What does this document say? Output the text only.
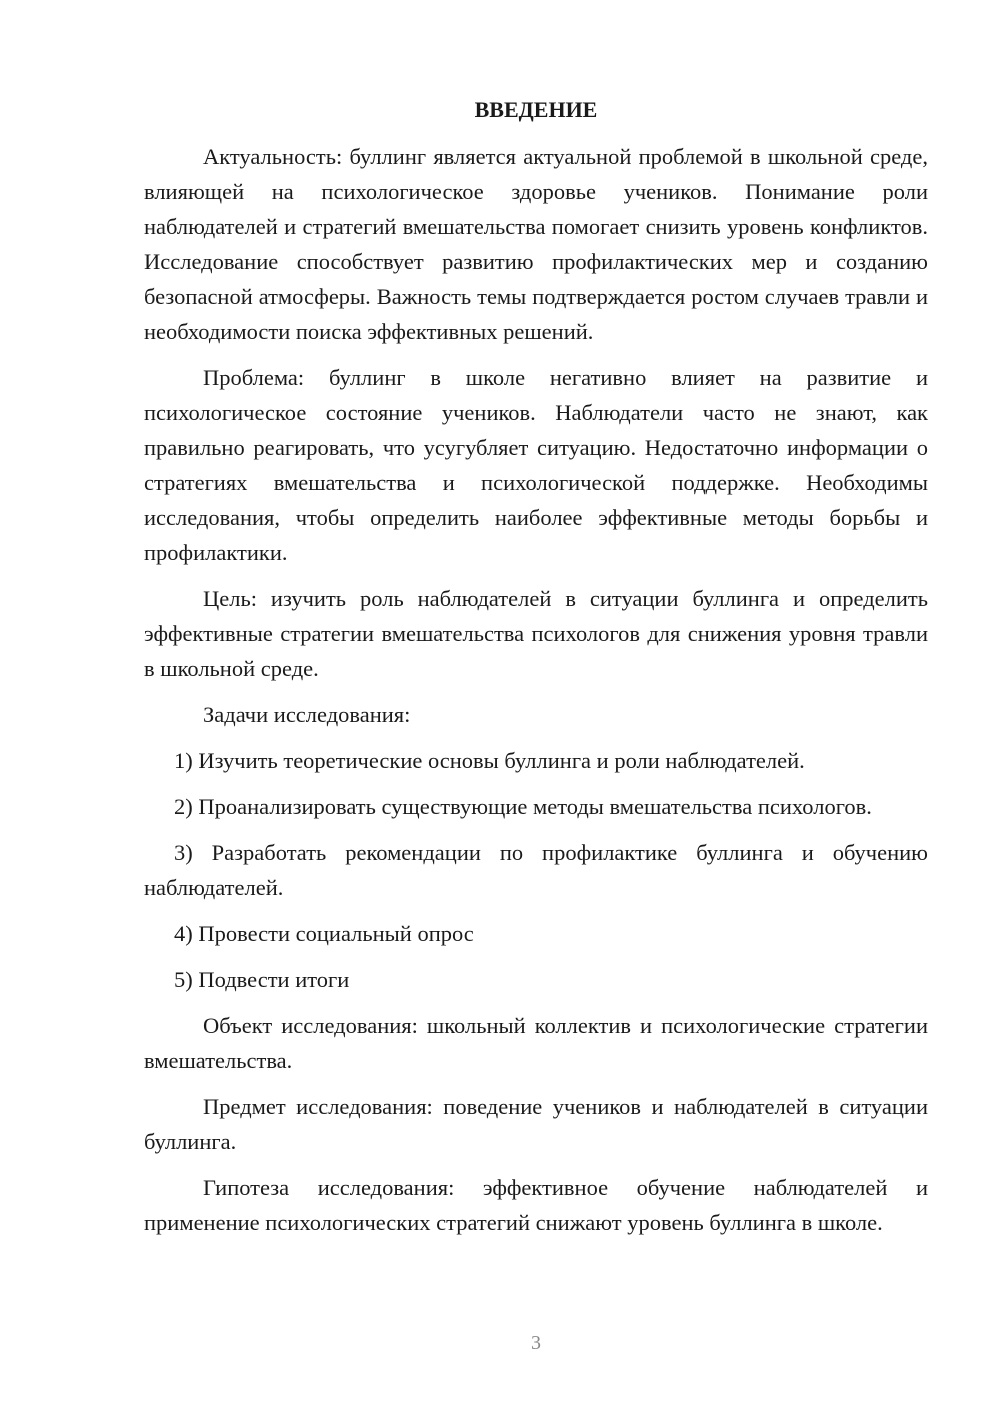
ВВЕДЕНИЕ

Актуальность: буллинг является актуальной проблемой в школьной среде, влияющей на психологическое здоровье учеников. Понимание роли наблюдателей и стратегий вмешательства помогает снизить уровень конфликтов. Исследование способствует развитию профилактических мер и созданию безопасной атмосферы. Важность темы подтверждается ростом случаев травли и необходимости поиска эффективных решений.

Проблема: буллинг в школе негативно влияет на развитие и психологическое состояние учеников. Наблюдатели часто не знают, как правильно реагировать, что усугубляет ситуацию. Недостаточно информации о стратегиях вмешательства и психологической поддержке. Необходимы исследования, чтобы определить наиболее эффективные методы борьбы и профилактики.

Цель: изучить роль наблюдателей в ситуации буллинга и определить эффективные стратегии вмешательства психологов для снижения уровня травли в школьной среде.

Задачи исследования:

1) Изучить теоретические основы буллинга и роли наблюдателей.

2) Проанализировать существующие методы вмешательства психологов.

3) Разработать рекомендации по профилактике буллинга и обучению наблюдателей.

4) Провести социальный опрос

5) Подвести итоги

Объект исследования: школьный коллектив и психологические стратегии вмешательства.

Предмет исследования: поведение учеников и наблюдателей в ситуации буллинга.

Гипотеза исследования: эффективное обучение наблюдателей и применение психологических стратегий снижают уровень буллинга в школе.

3
